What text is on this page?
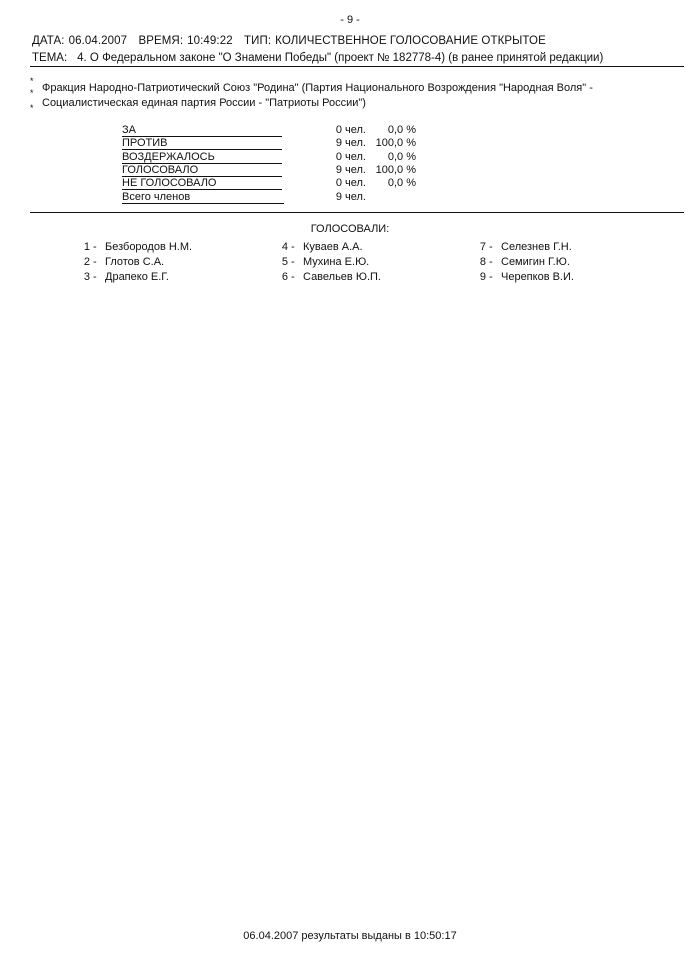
- 9 -
ДАТА: 06.04.2007 ВРЕМЯ: 10:49:22 ТИП: КОЛИЧЕСТВЕННОЕ ГОЛОСОВАНИЕ ОТКРЫТОЕ
ТЕМА: 4. О Федеральном законе "О Знамени Победы" (проект № 182778-4) (в ранее принятой редакции)
*
*
*
Фракция Народно-Патриотический Союз "Родина" (Партия Национального Возрождения "Народная Воля" -
Социалистическая единая партия России - "Патриоты России")
ЗА	0 чел. 0,0 %
ПРОТИВ	9 чел. 100,0 %
ВОЗДЕРЖАЛОСЬ	0 чел. 0,0 %
ГОЛОСОВАЛО	9 чел. 100,0 %
НЕ ГОЛОСОВАЛО	0 чел. 0,0 %
Всего членов	9 чел.
ГОЛОСОВАЛИ:
1 - Безбородов Н.М.
2 - Глотов С.А.
3 - Драпеко Е.Г.
4 - Куваев А.А.
5 - Мухина Е.Ю.
6 - Савельев Ю.П.
7 - Селезнев Г.Н.
8 - Семигин Г.Ю.
9 - Черепков В.И.
06.04.2007 результаты выданы в 10:50:17
